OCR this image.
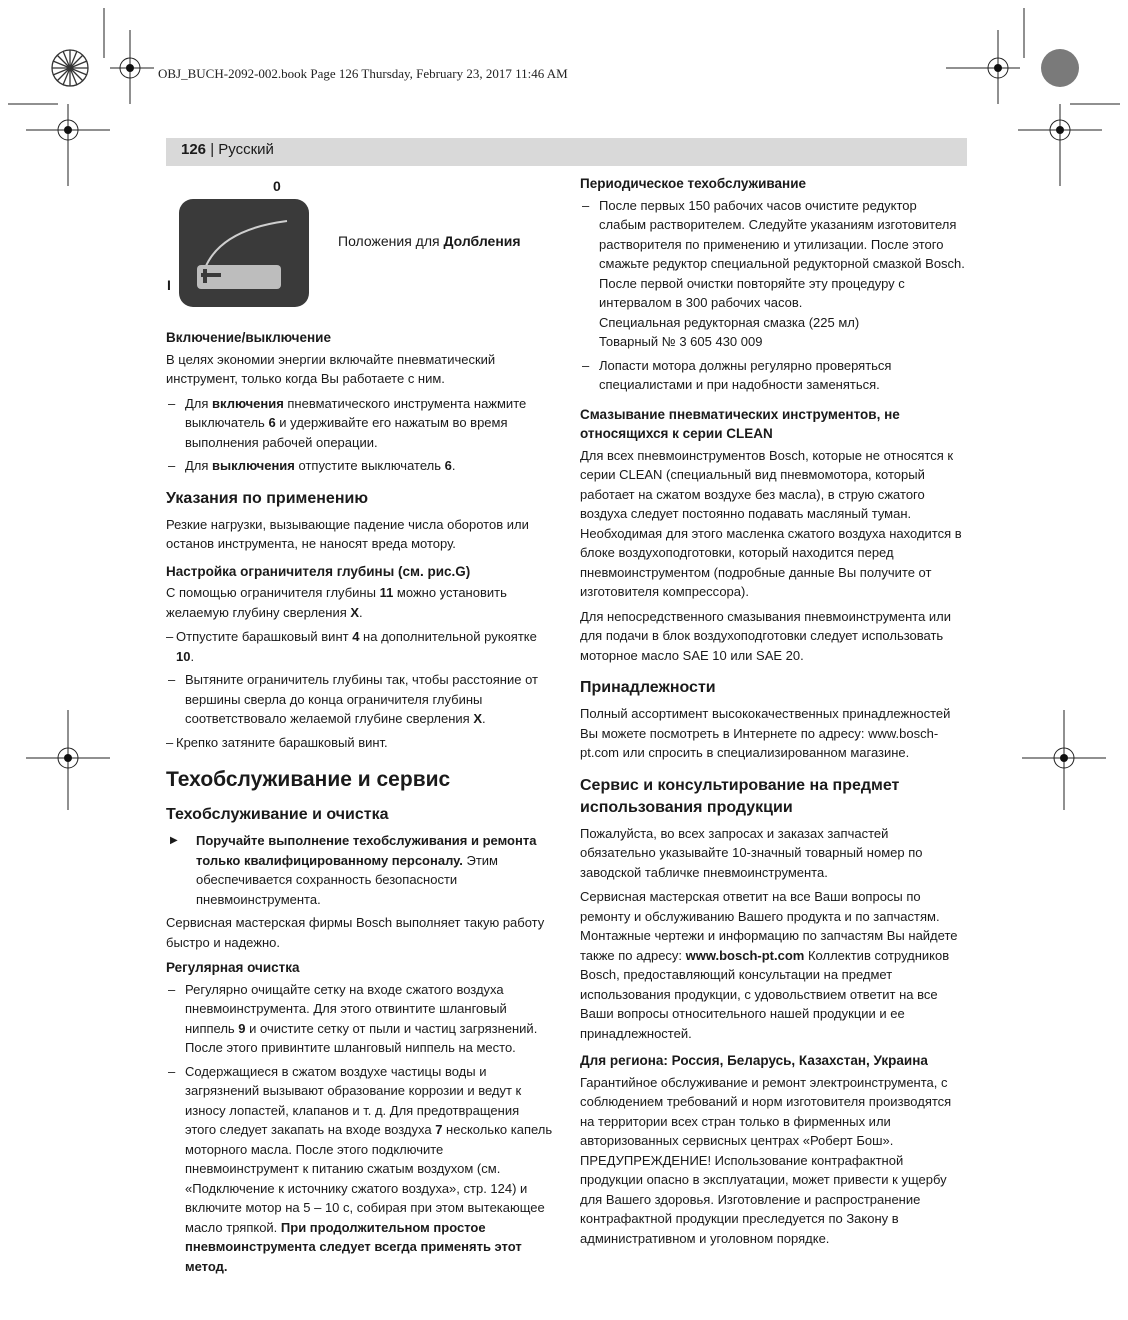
OBJ_BUCH-2092-002.book Page 126 Thursday, February 23, 2017 11:46 AM
126 | Русский
0
I
Положения для Долбления
Включение/выключение

В целях экономии энергии включайте пневматический инструмент, только когда Вы работаете с ним.

– Для включения пневматического инструмента нажмите выключатель 6 и удерживайте его нажатым во время выполнения рабочей операции.
– Для выключения отпустите выключатель 6.
Указания по применению

Резкие нагрузки, вызывающие падение числа оборотов или останов инструмента, не наносят вреда мотору.

Настройка ограничителя глубины (см. рис.G)

С помощью ограничителя глубины 11 можно установить желаемую глубину сверления X.

– Отпустите барашковый винт 4 на дополнительной рукоятке 10.
– Вытяните ограничитель глубины так, чтобы расстояние от вершины сверла до конца ограничителя глубины соответствовало желаемой глубине сверления X.
– Крепко затяните барашковый винт.
Техобслуживание и сервис
Техобслуживание и очистка
▶ Поручайте выполнение техобслуживания и ремонта только квалифицированному персоналу. Этим обеспечивается сохранность безопасности пневмоинструмента.

Сервисная мастерская фирмы Bosch выполняет такую работу быстро и надежно.

Регулярная очистка
– Регулярно очищайте сетку на входе сжатого воздуха пневмоинструмента. Для этого отвинтите шланговый ниппель 9 и очистите сетку от пыли и частиц загрязнений. После этого привинтите шланговый ниппель на место.
– Содержащиеся в сжатом воздухе частицы воды и загрязнений вызывают образование коррозии и ведут к износу лопастей, клапанов и т. д. Для предотвращения этого следует закапать на входе воздуха 7 несколько капель моторного масла. После этого подключите пневмоинструмент к питанию сжатым воздухом (см. «Подключение к источнику сжатого воздуха», стр. 124) и включите мотор на 5 – 10 с, собирая при этом вытекающее масло тряпкой. При продолжительном простое пневмоинструмента следует всегда применять этот метод.
Периодическое техобслуживание
– После первых 150 рабочих часов очистите редуктор слабым растворителем. Следуйте указаниям изготовителя растворителя по применению и утилизации. После этого смажьте редуктор специальной редукторной смазкой Bosch. После первой очистки повторяйте эту процедуру с интервалом в 300 рабочих часов.
Специальная редукторная смазка (225 мл)
Товарный № 3 605 430 009
– Лопасти мотора должны регулярно проверяться специалистами и при надобности заменяться.
Смазывание пневматических инструментов, не относящихся к серии CLEAN

Для всех пневмоинструментов Bosch, которые не относятся к серии CLEAN (специальный вид пневмомотора, который работает на сжатом воздухе без масла), в струю сжатого воздуха следует постоянно подавать масляный туман. Необходимая для этого масленка сжатого воздуха находится в блоке воздухоподготовки, который находится перед пневмоинструментом (подробные данные Вы получите от изготовителя компрессора).

Для непосредственного смазывания пневмоинструмента или для подачи в блок воздухоподготовки следует использовать моторное масло SAE 10 или SAE 20.

Принадлежности

Полный ассортимент высококачественных принадлежностей Вы можете посмотреть в Интернете по адресу: www.bosch-pt.com или спросить в специализированном магазине.

Сервис и консультирование на предмет использования продукции

Пожалуйста, во всех запросах и заказах запчастей обязательно указывайте 10-значный товарный номер по заводской табличке пневмоинструмента.

Сервисная мастерская ответит на все Ваши вопросы по ремонту и обслуживанию Вашего продукта и по запчастям. Монтажные чертежи и информацию по запчастям Вы найдете также по адресу: www.bosch-pt.com Коллектив сотрудников Bosch, предоставляющий консультации на предмет использования продукции, с удовольствием ответит на все Ваши вопросы относительного нашей продукции и ее принадлежностей.

Для региона: Россия, Беларусь, Казахстан, Украина

Гарантийное обслуживание и ремонт электроинструмента, с соблюдением требований и норм изготовителя производятся на территории всех стран только в фирменных или авторизованных сервисных центрах «Роберт Бош».

ПРЕДУПРЕЖДЕНИЕ! Использование контрафактной продукции опасно в эксплуатации, может привести к ущербу для Вашего здоровья. Изготовление и распространение контрафактной продукции преследуется по Закону в административном и уголовном порядке.
